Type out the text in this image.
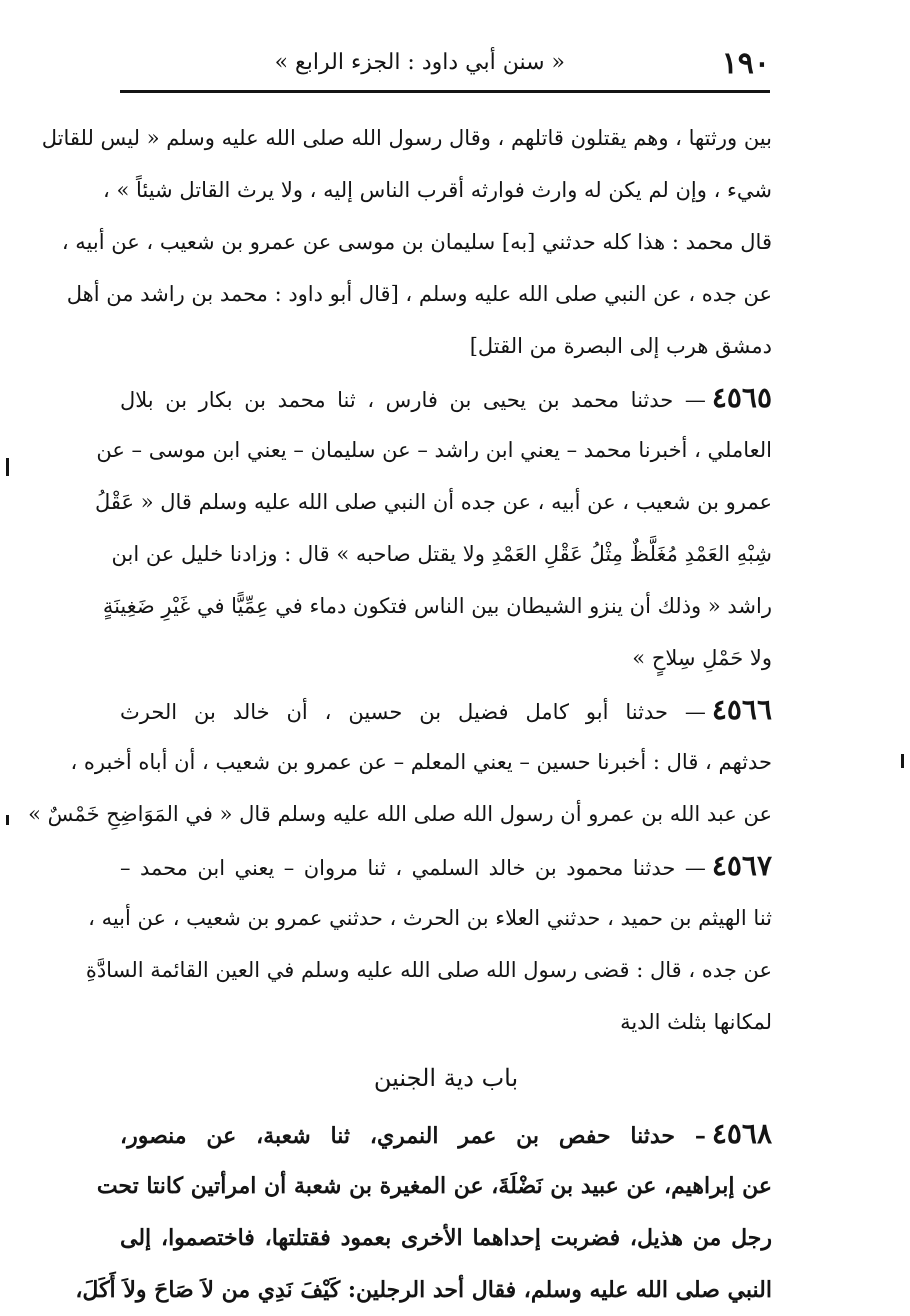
١٩٠
« سنن أبي داود : الجزء الرابع »
بين ورثتها ، وهم يقتلون قاتلهم ، وقال رسول الله صلى الله عليه وسلم « ليس للقاتل
شيء ، وإن لم يكن له وارث فوارثه أقرب الناس إليه ، ولا يرث القاتل شيئاً » ،
قال محمد : هذا كله حدثني [به] سليمان بن موسى عن عمرو بن شعيب ، عن أبيه ،
عن جده ، عن النبي صلى الله عليه وسلم ، [قال أبو داود : محمد بن راشد من أهل
دمشق هرب إلى البصرة من القتل]
٤٥٦٥— حدثنا محمد بن يحيى بن فارس ، ثنا محمد بن بكار بن بلال
العاملي ، أخبرنا محمد – يعني ابن راشد – عن سليمان – يعني ابن موسى – عن
عمرو بن شعيب ، عن أبيه ، عن جده أن النبي صلى الله عليه وسلم قال « عَقْلُ
شِبْهِ العَمْدِ مُغَلَّظٌ مِثْلُ عَقْلِ العَمْدِ ولا يقتل صاحبه » قال : وزادنا خليل عن ابن
راشد « وذلك أن ينزو الشيطان بين الناس فتكون دماء في عِمِّيًّا في غَيْرِ ضَغِينَةٍ
ولا حَمْلِ سِلاحٍ »
٤٥٦٦— حدثنا أبو كامل فضيل بن حسين ، أن خالد بن الحرث
حدثهم ، قال : أخبرنا حسين – يعني المعلم – عن عمرو بن شعيب ، أن أباه أخبره ،
عن عبد الله بن عمرو أن رسول الله صلى الله عليه وسلم قال « في المَوَاضِحِ خَمْسٌ »
٤٥٦٧— حدثنا محمود بن خالد السلمي ، ثنا مروان – يعني ابن محمد –
ثنا الهيثم بن حميد ، حدثني العلاء بن الحرث ، حدثني عمرو بن شعيب ، عن أبيه ،
عن جده ، قال : قضى رسول الله صلى الله عليه وسلم في العين القائمة السادَّةِ
لمكانها بثلث الدية
باب دية الجنين
٤٥٦٨– حدثنا حفص بن عمر النمري، ثنا شعبة، عن منصور،
عن إبراهيم، عن عبيد بن نَضْلَةَ، عن المغيرة بن شعبة أن امرأتين كانتا تحت
رجل من هذيل، فضربت إحداهما الأخرى بعمود فقتلتها، فاختصموا، إلى
النبي صلى الله عليه وسلم، فقال أحد الرجلين: كَيْفَ نَدِي من لاَ صَاحَ ولاَ أَكَلَ،
